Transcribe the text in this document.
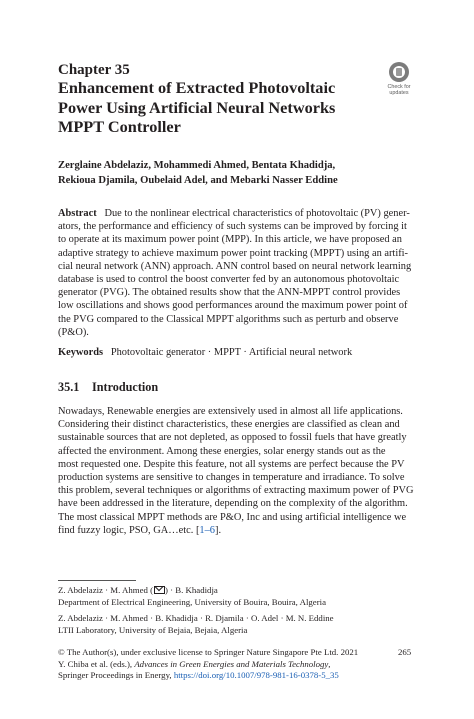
Chapter 35
Enhancement of Extracted Photovoltaic
Power Using Artificial Neural Networks
MPPT Controller
Check for
updates
Zerglaine Abdelaziz, Mohammedi Ahmed, Bentata Khadidja,
Rekioua Djamila, Oubelaid Adel, and Mebarki Nasser Eddine
Abstract Due to the nonlinear electrical characteristics of photovoltaic (PV) gener-
ators, the performance and efficiency of such systems can be improved by forcing it
to operate at its maximum power point (MPP). In this article, we have proposed an
adaptive strategy to achieve maximum power point tracking (MPPT) using an artifi-
cial neural network (ANN) approach. ANN control based on neural network learning
database is used to control the boost converter fed by an autonomous photovoltaic
generator (PVG). The obtained results show that the ANN-MPPT control provides
low oscillations and shows good performances around the maximum power point of
the PVG compared to the Classical MPPT algorithms such as perturb and observe
(P&O).
Keywords Photovoltaic generator · MPPT · Artificial neural network
35.1 Introduction
Nowadays, Renewable energies are extensively used in almost all life applications.
Considering their distinct characteristics, these energies are classified as clean and
sustainable sources that are not depleted, as opposed to fossil fuels that have greatly
affected the environment. Among these energies, solar energy stands out as the
most requested one. Despite this feature, not all systems are perfect because the PV
production systems are sensitive to changes in temperature and irradiance. To solve
this problem, several techniques or algorithms of extracting maximum power of PVG
have been addressed in the literature, depending on the complexity of the algorithm.
The most classical MPPT methods are P&O, Inc and using artificial intelligence we
find fuzzy logic, PSO, GA…etc. [1–6].
Z. Abdelaziz · M. Ahmed ( ) · B. Khadidja
Department of Electrical Engineering, University of Bouira, Bouira, Algeria
Z. Abdelaziz · M. Ahmed · B. Khadidja · R. Djamila · O. Adel · M. N. Eddine
LTII Laboratory, University of Bejaia, Bejaia, Algeria
© The Author(s), under exclusive license to Springer Nature Singapore Pte Ltd. 2021
Y. Chiba et al. (eds.), Advances in Green Energies and Materials Technology,
Springer Proceedings in Energy, https://doi.org/10.1007/978-981-16-0378-5_35
265
